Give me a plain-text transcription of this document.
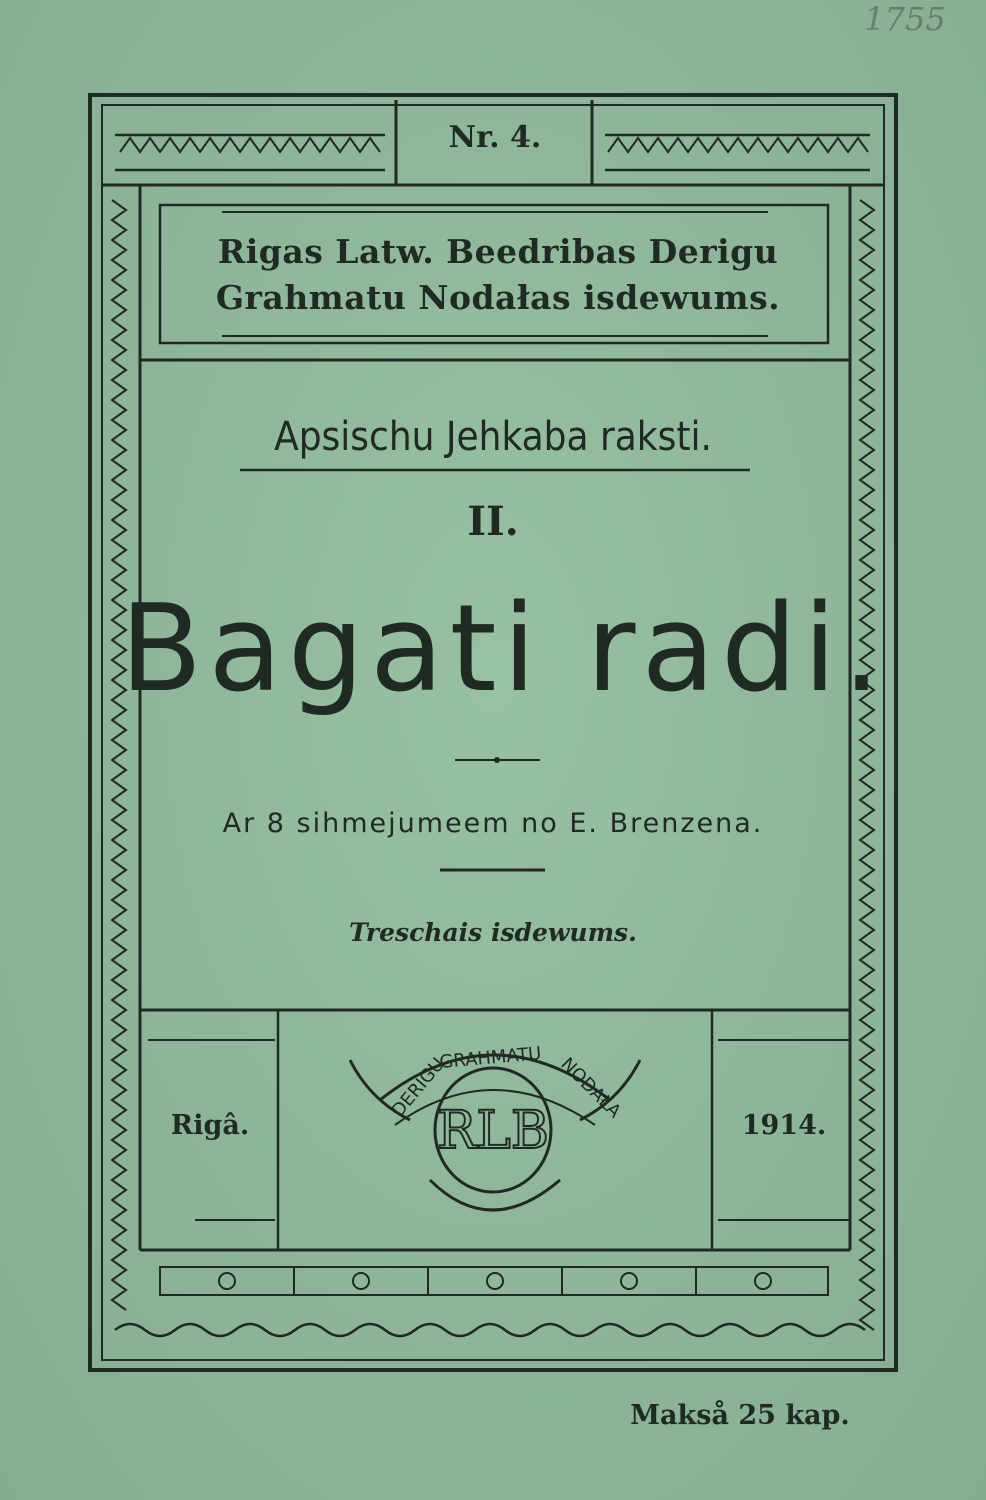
DERIGU
GRAHMATU NODAŁA
RLB
Nr. 4.
Rigas Latw. Beedribas Derigu
Grahmatu Nodałas isdewums.
Apsischu Jehkaba raksti.
II.
Bagati radi.
Ar 8 sihmejumeem no E. Brenzena.
Treschais isdewums.
Rigâ.	1914.
Makså 25 kap.
1755
